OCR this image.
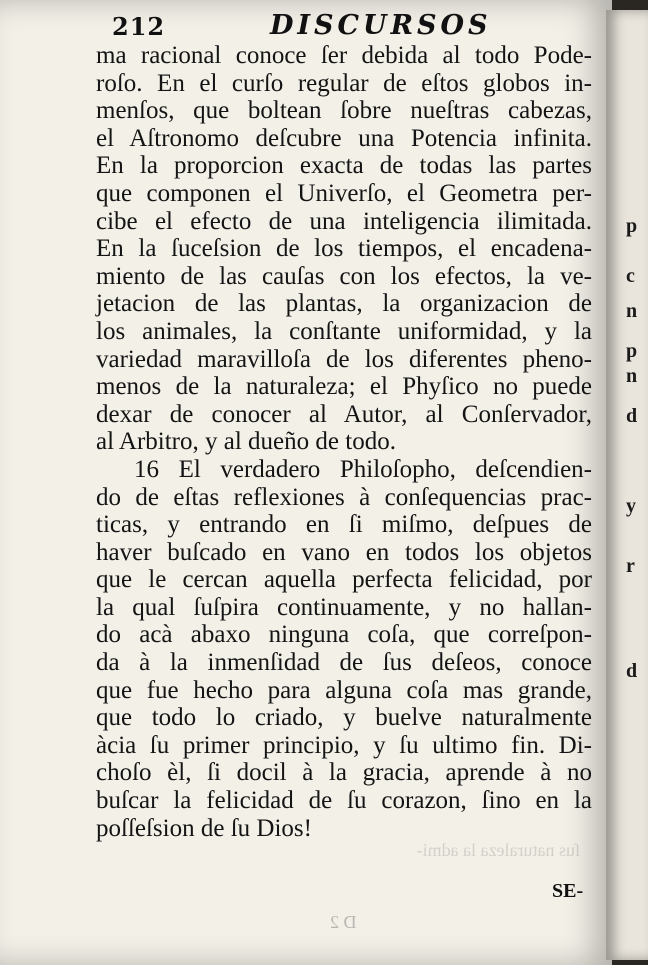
212	DISCURSOS
ma racional conoce ſer debida al todo Pode-
roſo. En el curſo regular de eſtos globos in-
menſos, que boltean ſobre nueſtras cabezas,
el Aſtronomo deſcubre una Potencia infinita.
En la proporcion exacta de todas las partes
que componen el Univerſo, el Geometra per-
cibe el efecto de una inteligencia ilimitada.
En la ſuceſsion de los tiempos, el encadena-
miento de las cauſas con los efectos, la ve-
jetacion de las plantas, la organizacion de
los animales, la conſtante uniformidad, y la
variedad maravilloſa de los diferentes pheno-
menos de la naturaleza; el Phyſico no puede
dexar de conocer al Autor, al Conſervador,
al Arbitro, y al dueño de todo.
16 El verdadero Philoſopho, deſcendien-
do de eſtas reflexiones à conſequencias prac-
ticas, y entrando en ſi miſmo, deſpues de
haver buſcado en vano en todos los objetos
que le cercan aquella perfecta felicidad, por
la qual ſuſpira continuamente, y no hallan-
do acà abaxo ninguna coſa, que correſpon-
da à la inmenſidad de ſus deſeos, conoce
que fue hecho para alguna coſa mas grande,
que todo lo criado, y buelve naturalmente
àcia ſu primer principio, y ſu ultimo fin. Di-
choſo èl, ſi docil à la gracia, aprende à no
buſcar la felicidad de ſu corazon, ſino en la
poſſeſsion de ſu Dios!
ſus naturaleza la admi-
D 2
SE-
p
c
n
p
n
d
y
r
d
